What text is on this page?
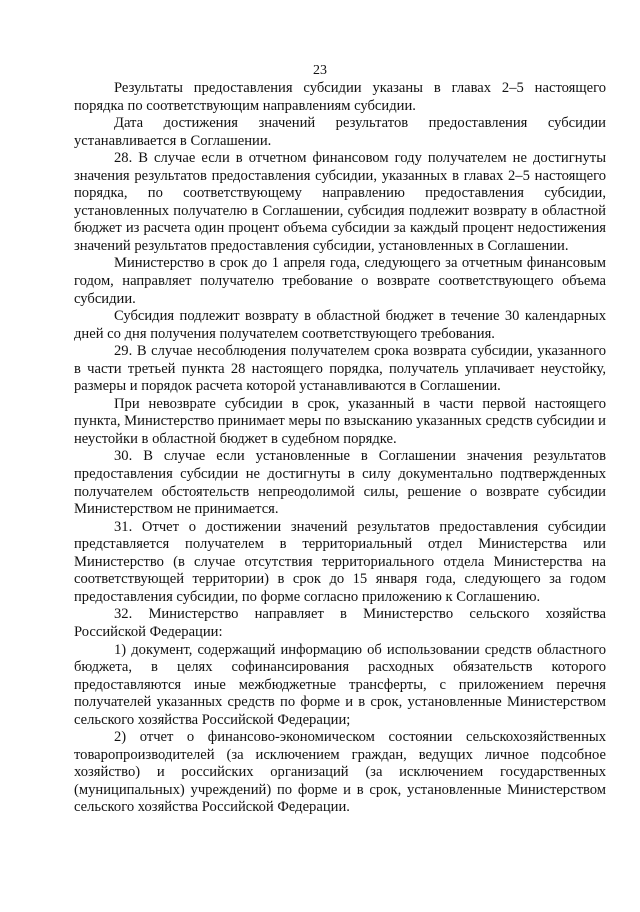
23

Результаты предоставления субсидии указаны в главах 2–5 настоящего порядка по соответствующим направлениям субсидии.

Дата достижения значений результатов предоставления субсидии устанавливается в Соглашении.

28. В случае если в отчетном финансовом году получателем не достигнуты значения результатов предоставления субсидии, указанных в главах 2–5 настоящего порядка, по соответствующему направлению предоставления субсидии, установленных получателю в Соглашении, субсидия подлежит возврату в областной бюджет из расчета один процент объема субсидии за каждый процент недостижения значений результатов предоставления субсидии, установленных в Соглашении.

Министерство в срок до 1 апреля года, следующего за отчетным финансовым годом, направляет получателю требование о возврате соответствующего объема субсидии.

Субсидия подлежит возврату в областной бюджет в течение 30 календарных дней со дня получения получателем соответствующего требования.

29. В случае несоблюдения получателем срока возврата субсидии, указанного в части третьей пункта 28 настоящего порядка, получатель уплачивает неустойку, размеры и порядок расчета которой устанавливаются в Соглашении.

При невозврате субсидии в срок, указанный в части первой настоящего пункта, Министерство принимает меры по взысканию указанных средств субсидии и неустойки в областной бюджет в судебном порядке.

30. В случае если установленные в Соглашении значения результатов предоставления субсидии не достигнуты в силу документально подтвержденных получателем обстоятельств непреодолимой силы, решение о возврате субсидии Министерством не принимается.

31. Отчет о достижении значений результатов предоставления субсидии представляется получателем в территориальный отдел Министерства или Министерство (в случае отсутствия территориального отдела Министерства на соответствующей территории) в срок до 15 января года, следующего за годом предоставления субсидии, по форме согласно приложению к Соглашению.

32. Министерство направляет в Министерство сельского хозяйства Российской Федерации:

1) документ, содержащий информацию об использовании средств областного бюджета, в целях софинансирования расходных обязательств которого предоставляются иные межбюджетные трансферты, с приложением перечня получателей указанных средств по форме и в срок, установленные Министерством сельского хозяйства Российской Федерации;

2) отчет о финансово-экономическом состоянии сельскохозяйственных товаропроизводителей (за исключением граждан, ведущих личное подсобное хозяйство) и российских организаций (за исключением государственных (муниципальных) учреждений) по форме и в срок, установленные Министерством сельского хозяйства Российской Федерации.
